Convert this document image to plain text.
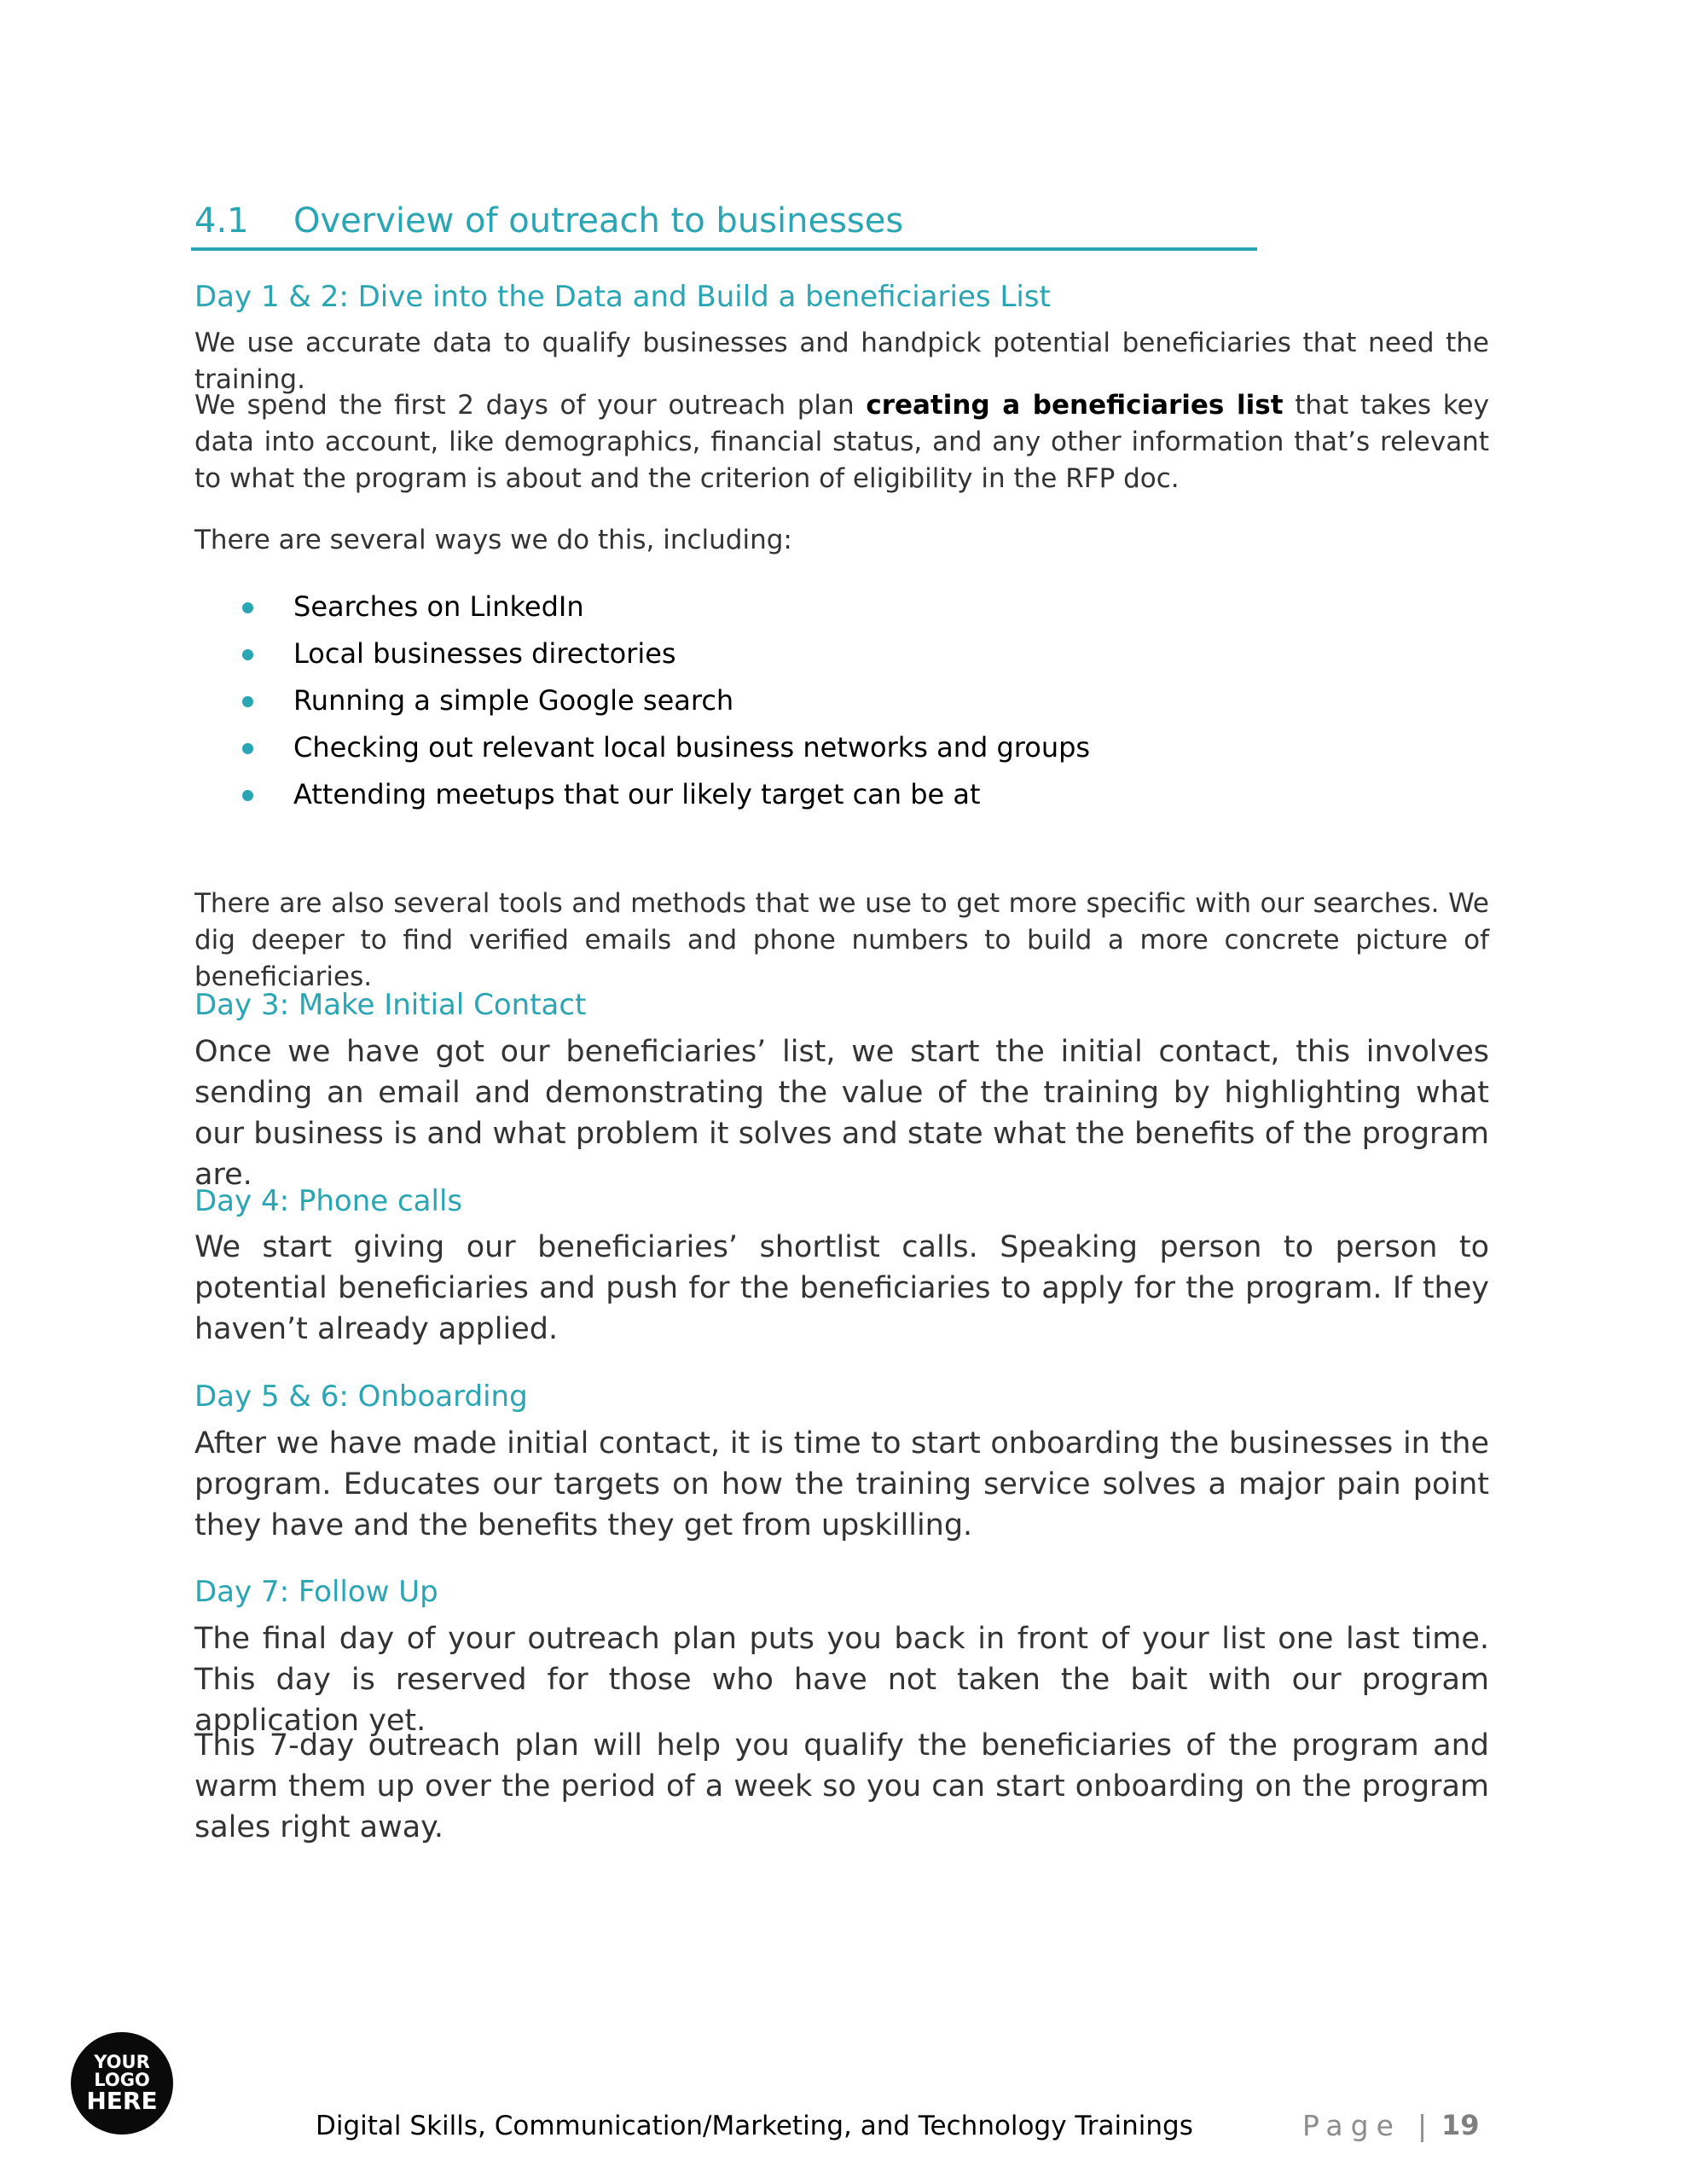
4.1 Overview of outreach to businesses
Day 1 & 2: Dive into the Data and Build a beneficiaries List

We use accurate data to qualify businesses and handpick potential beneficiaries that need the training.

We spend the first 2 days of your outreach plan creating a beneficiaries list that takes key data into account, like demographics, financial status, and any other information that’s relevant to what the program is about and the criterion of eligibility in the RFP doc.

There are several ways we do this, including:

Searches on LinkedIn
Local businesses directories
Running a simple Google search
Checking out relevant local business networks and groups
Attending meetups that our likely target can be at

There are also several tools and methods that we use to get more specific with our searches. We dig deeper to find verified emails and phone numbers to build a more concrete picture of beneficiaries.

Day 3: Make Initial Contact

Once we have got our beneficiaries’ list, we start the initial contact, this involves sending an email and demonstrating the value of the training by highlighting what our business is and what problem it solves and state what the benefits of the program are.

Day 4: Phone calls

We start giving our beneficiaries’ shortlist calls. Speaking person to person to potential beneficiaries and push for the beneficiaries to apply for the program. If they haven’t already applied.

Day 5 & 6: Onboarding

After we have made initial contact, it is time to start onboarding the businesses in the program. Educates our targets on how the training service solves a major pain point they have and the benefits they get from upskilling.

Day 7: Follow Up

The final day of your outreach plan puts you back in front of your list one last time. This day is reserved for those who have not taken the bait with our program application yet.

This 7-day outreach plan will help you qualify the beneficiaries of the program and warm them up over the period of a week so you can start onboarding on the program sales right away.

YOUR
LOGO
HERE
Digital Skills, Communication/Marketing, and Technology Trainings	Page | 19
